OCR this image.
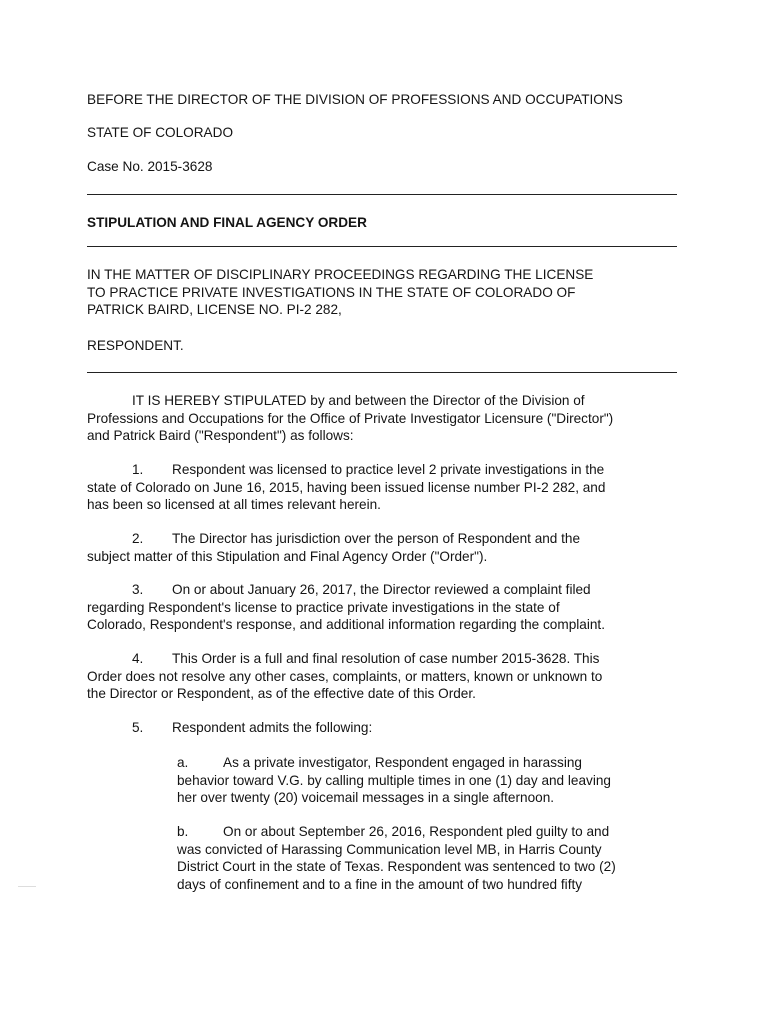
BEFORE THE DIRECTOR OF THE DIVISION OF PROFESSIONS AND OCCUPATIONS
STATE OF COLORADO
Case No. 2015-3628
STIPULATION AND FINAL AGENCY ORDER
IN THE MATTER OF DISCIPLINARY PROCEEDINGS REGARDING THE LICENSE
TO PRACTICE PRIVATE INVESTIGATIONS IN THE STATE OF COLORADO OF
PATRICK BAIRD, LICENSE NO. PI-2 282,
RESPONDENT.
IT IS HEREBY STIPULATED by and between the Director of the Division of
Professions and Occupations for the Office of Private Investigator Licensure ("Director")
and Patrick Baird ("Respondent") as follows:
1. Respondent was licensed to practice level 2 private investigations in the
state of Colorado on June 16, 2015, having been issued license number PI-2 282, and
has been so licensed at all times relevant herein.
2. The Director has jurisdiction over the person of Respondent and the
subject matter of this Stipulation and Final Agency Order ("Order").
3. On or about January 26, 2017, the Director reviewed a complaint filed
regarding Respondent's license to practice private investigations in the state of
Colorado, Respondent's response, and additional information regarding the complaint.
4. This Order is a full and final resolution of case number 2015-3628. This
Order does not resolve any other cases, complaints, or matters, known or unknown to
the Director or Respondent, as of the effective date of this Order.
5. Respondent admits the following:
a.	As a private investigator, Respondent engaged in harassing
behavior toward V.G. by calling multiple times in one (1) day and leaving
her over twenty (20) voicemail messages in a single afternoon.
b.	On or about September 26, 2016, Respondent pled guilty to and
was convicted of Harassing Communication level MB, in Harris County
District Court in the state of Texas. Respondent was sentenced to two (2)
days of confinement and to a fine in the amount of two hundred fifty
